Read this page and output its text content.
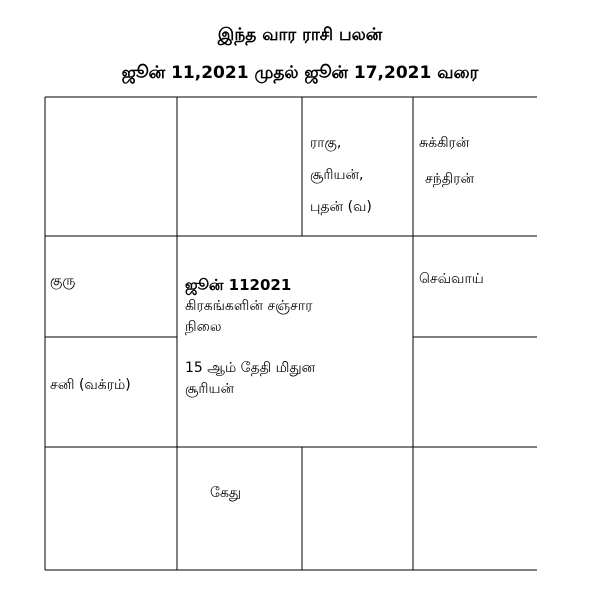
இந்த வார ராசி பலன்
ஜூன் 11,2021 முதல் ஜூன் 17,2021 வரை
ராகு,
சூரியன்,
புதன் (வ)
சுக்கிரன்
சந்திரன்
குரு
சனி (வக்ரம்)
செவ்வாய்
ஜூன் 112021
கிரகங்களின் சஞ்சார
நிலை
15 ஆம் தேதி மிதுன
சூரியன்
கேது
